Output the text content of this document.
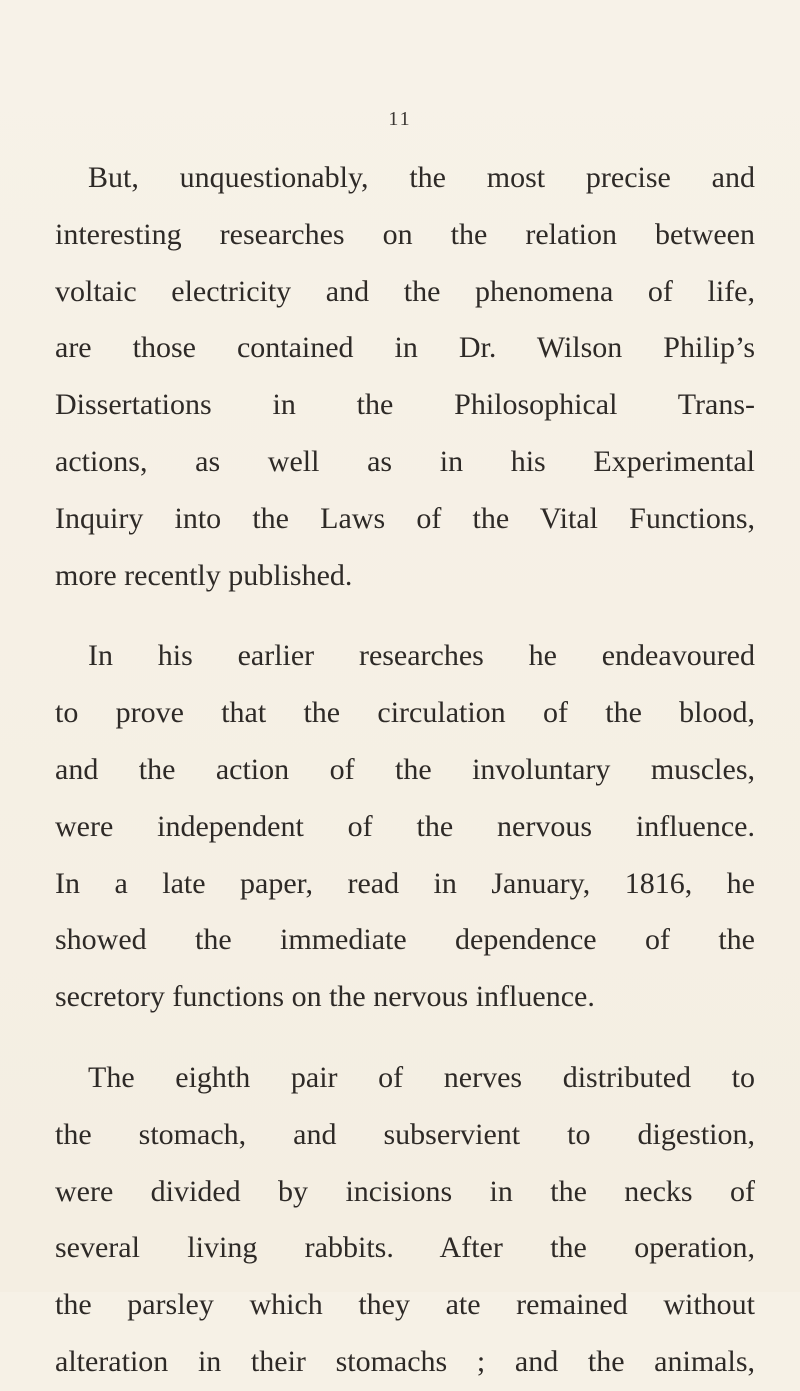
11

But, unquestionably, the most precise and
interesting researches on the relation between
voltaic electricity and the phenomena of life,
are those contained in Dr. Wilson Philip’s
Dissertations in the Philosophical Trans-
actions, as well as in his Experimental
Inquiry into the Laws of the Vital Functions,
more recently published.

In his earlier researches he endeavoured
to prove that the circulation of the blood,
and the action of the involuntary muscles,
were independent of the nervous influence.
In a late paper, read in January, 1816, he
showed the immediate dependence of the
secretory functions on the nervous influence.

The eighth pair of nerves distributed to
the stomach, and subservient to digestion,
were divided by incisions in the necks of
several living rabbits. After the operation,
the parsley which they ate remained without
alteration in their stomachs ; and the animals,
